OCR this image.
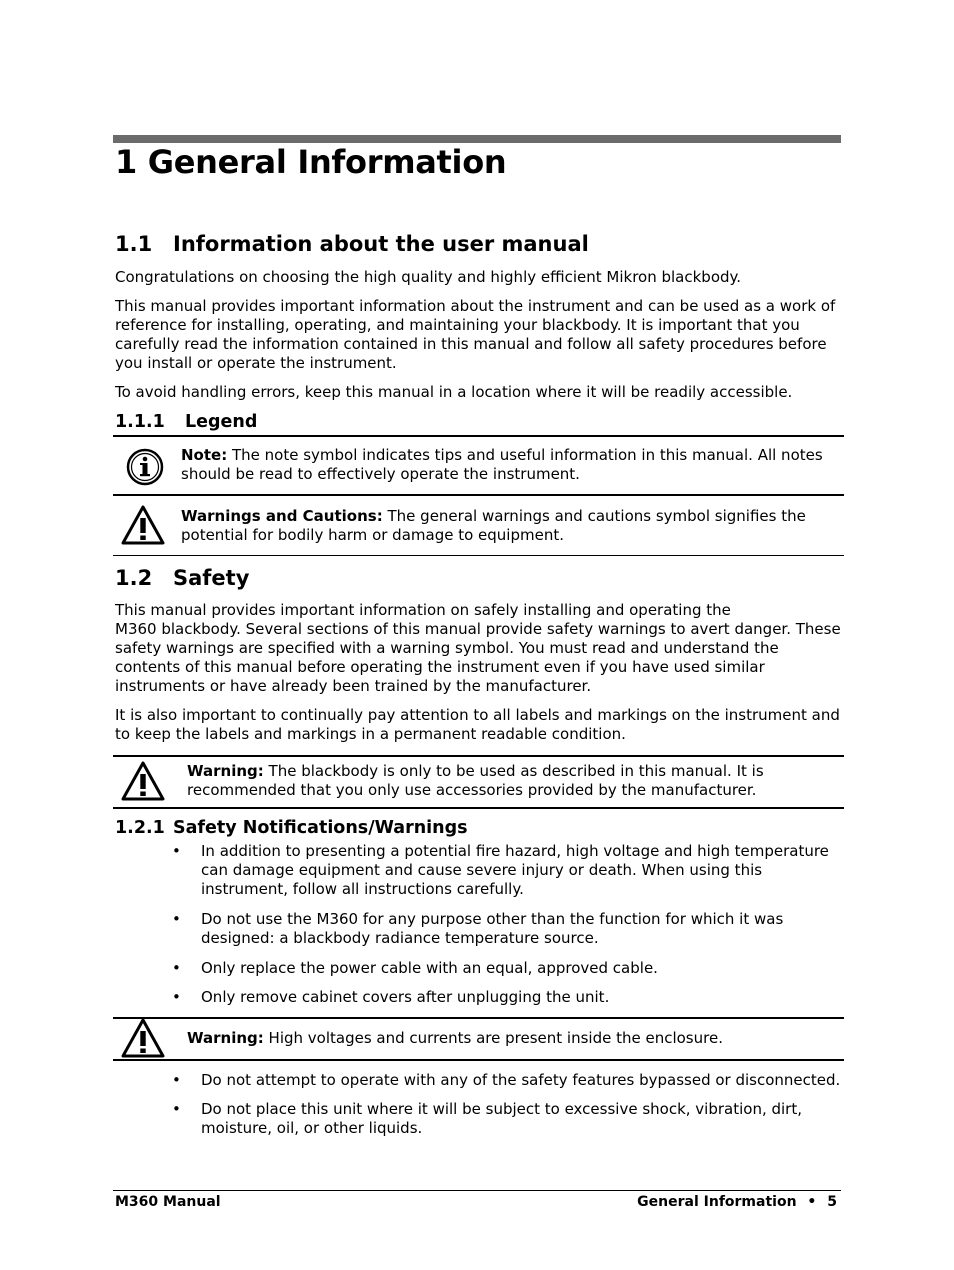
1 General Information
1.1 Information about the user manual
Congratulations on choosing the high quality and highly efficient Mikron blackbody.
This manual provides important information about the instrument and can be used as a work of
reference for installing, operating, and maintaining your blackbody. It is important that you
carefully read the information contained in this manual and follow all safety procedures before
you install or operate the instrument.
To avoid handling errors, keep this manual in a location where it will be readily accessible.
1.1.1 Legend
Note: The note symbol indicates tips and useful information in this manual. All notes
should be read to effectively operate the instrument.
Warnings and Cautions: The general warnings and cautions symbol signifies the
potential for bodily harm or damage to equipment.
1.2 Safety
This manual provides important information on safely installing and operating the
M360 blackbody. Several sections of this manual provide safety warnings to avert danger. These
safety warnings are specified with a warning symbol. You must read and understand the
contents of this manual before operating the instrument even if you have used similar
instruments or have already been trained by the manufacturer.
It is also important to continually pay attention to all labels and markings on the instrument and
to keep the labels and markings in a permanent readable condition.
Warning: The blackbody is only to be used as described in this manual. It is
recommended that you only use accessories provided by the manufacturer.
1.2.1 Safety Notifications/Warnings
• In addition to presenting a potential fire hazard, high voltage and high temperature
can damage equipment and cause severe injury or death. When using this
instrument, follow all instructions carefully.
• Do not use the M360 for any purpose other than the function for which it was
designed: a blackbody radiance temperature source.
• Only replace the power cable with an equal, approved cable.
• Only remove cabinet covers after unplugging the unit.
Warning: High voltages and currents are present inside the enclosure.
• Do not attempt to operate with any of the safety features bypassed or disconnected.
• Do not place this unit where it will be subject to excessive shock, vibration, dirt,
moisture, oil, or other liquids.
M360 Manual	General Information • 5
